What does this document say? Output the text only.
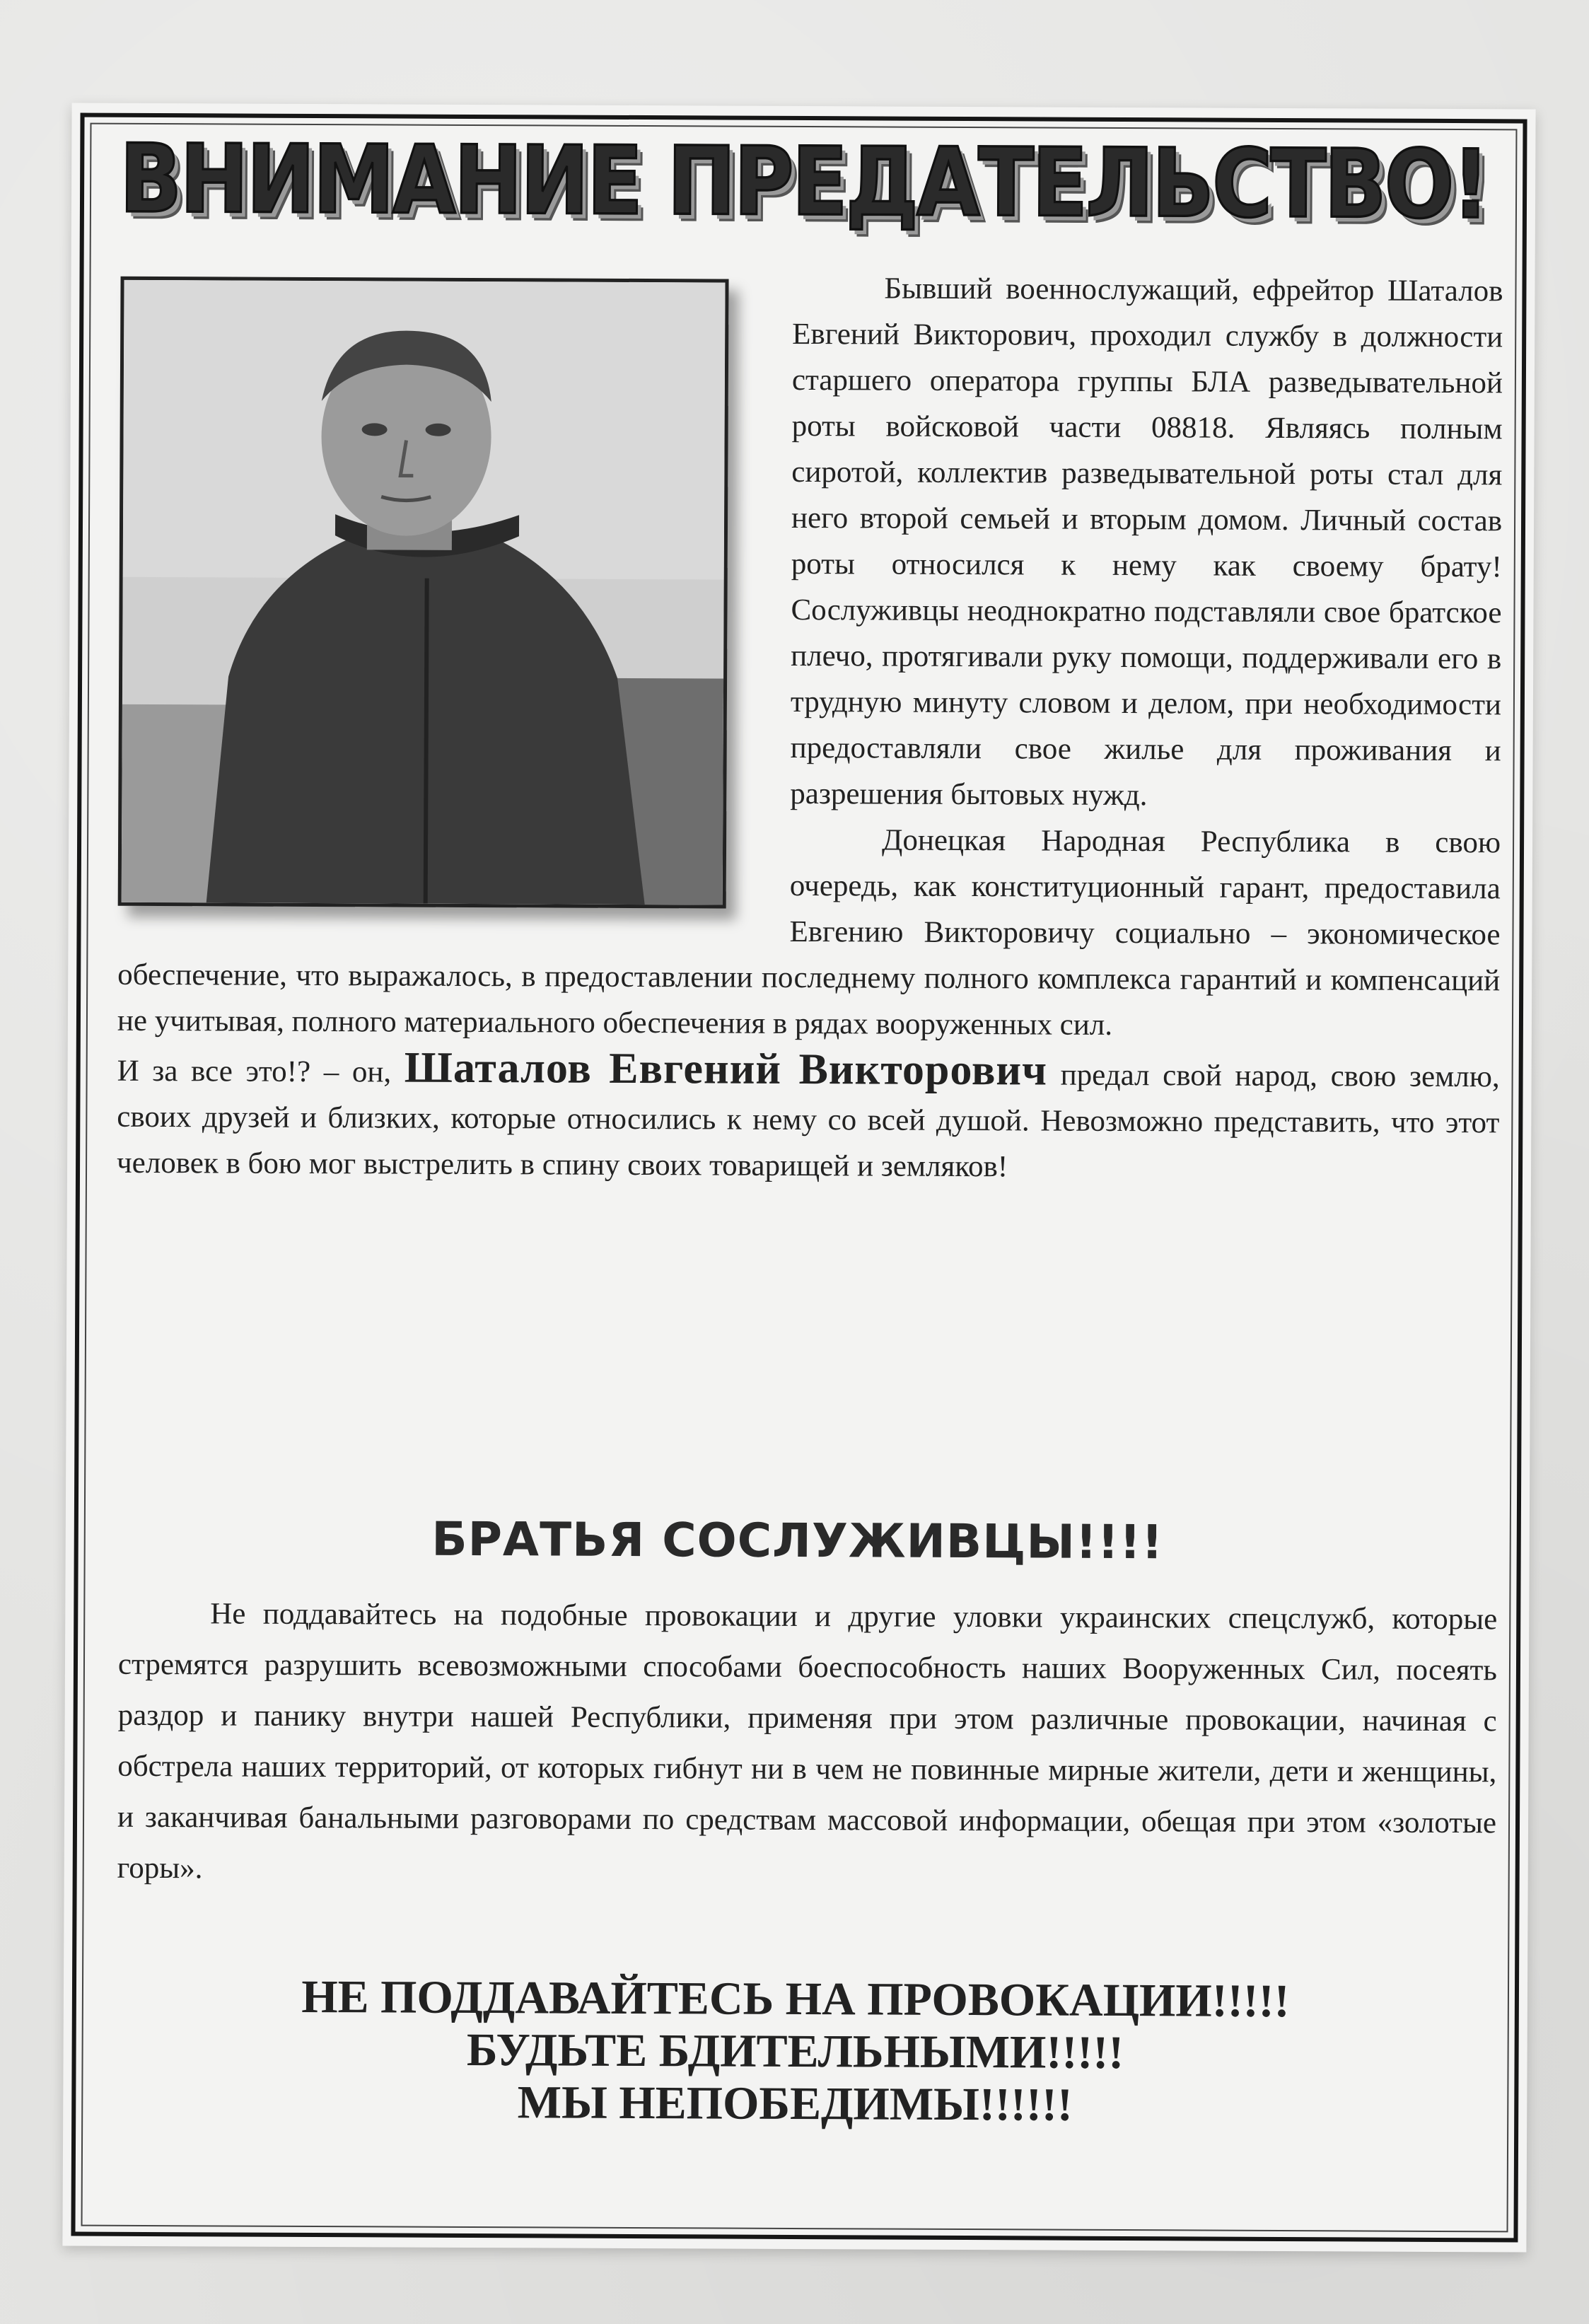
ВНИМАНИЕ ПРЕДАТЕЛЬСТВО!

Бывший военнослужащий, ефрейтор Шаталов Евгений Викторович, проходил службу в должности старшего оператора группы БЛА разведывательной роты войсковой части 08818. Являясь полным сиротой, коллектив разведывательной роты стал для него второй семьей и вторым домом. Личный состав роты относился к нему как своему брату! Сослуживцы неоднократно подставляли свое братское плечо, протягивали руку помощи, поддерживали его в трудную минуту словом и делом, при необходимости предоставляли свое жилье для проживания и разрешения бытовых нужд.

Донецкая Народная Республика в свою очередь, как конституционный гарант, предоставила Евгению Викторовичу социально – экономическое обеспечение, что выражалось, в предоставлении последнему полного комплекса гарантий и компенсаций не учитывая, полного материального обеспечения в рядах вооруженных сил.

И за все это!? – он, Шаталов Евгений Викторович предал свой народ, свою землю, своих друзей и близких, которые относились к нему со всей душой. Невозможно представить, что этот человек в бою мог выстрелить в спину своих товарищей и земляков!

БРАТЬЯ СОСЛУЖИВЦЫ!!!!

Не поддавайтесь на подобные провокации и другие уловки украинских спецслужб, которые стремятся разрушить всевозможными способами боеспособность наших Вооруженных Сил, посеять раздор и панику внутри нашей Республики, применяя при этом различные провокации, начиная с обстрела наших территорий, от которых гибнут ни в чем не повинные мирные жители, дети и женщины, и заканчивая банальными разговорами по средствам массовой информации, обещая при этом «золотые горы».

НЕ ПОДДАВАЙТЕСЬ НА ПРОВОКАЦИИ!!!!!
БУДЬТЕ БДИТЕЛЬНЫМИ!!!!!
МЫ НЕПОБЕДИМЫ!!!!!!
